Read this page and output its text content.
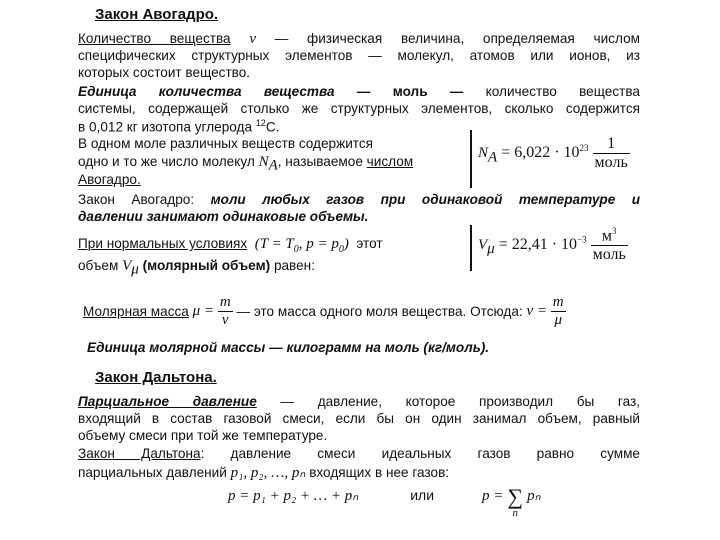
Закон Авогадро.
Количество вещества ν — физическая величина, определяемая числом
специфических структурных элементов — молекул, атомов или ионов, из
которых состоит вещество.
Единица количества вещества — моль — количество вещества
системы, содержащей столько же структурных элементов, сколько содержится
в 0,012 кг изотопа углерода $^{12}$С.
В одном моле различных веществ содержится
одно и то же число молекул $N_A$, называемое числом
Авогадро.
$N_A = 6,022 \cdot 10^{23} \frac{1}{\text{моль}}$
Закон Авогадро: моли любых газов при одинаковой температуре и
давлении занимают одинаковые объемы.
При нормальных условиях ($T = T_0$, $p = p_0$) этот
объем $V_\mu$ (молярный объем) равен:
$V_\mu = 22,41 \cdot 10^{-3} \frac{м^3}{\text{моль}}$
Молярная масса $\mu = \frac{m}{\nu}$ — это масса одного моля вещества. Отсюда: $\nu = \frac{m}{\mu}$
Единица молярной массы — килограмм на моль (кг/моль).
Закон Дальтона.
Парциальное давление — давление, которое производил бы газ,
входящий в состав газовой смеси, если бы он один занимал объем, равный
объему смеси при той же температуре.
Закон Дальтона: давление смеси идеальных газов равно сумме
парциальных давлений p₁, p₂, …, pₙ входящих в нее газов:
p = p₁ + p₂ + … + pₙ	или	p = ∑
n
pₙ
